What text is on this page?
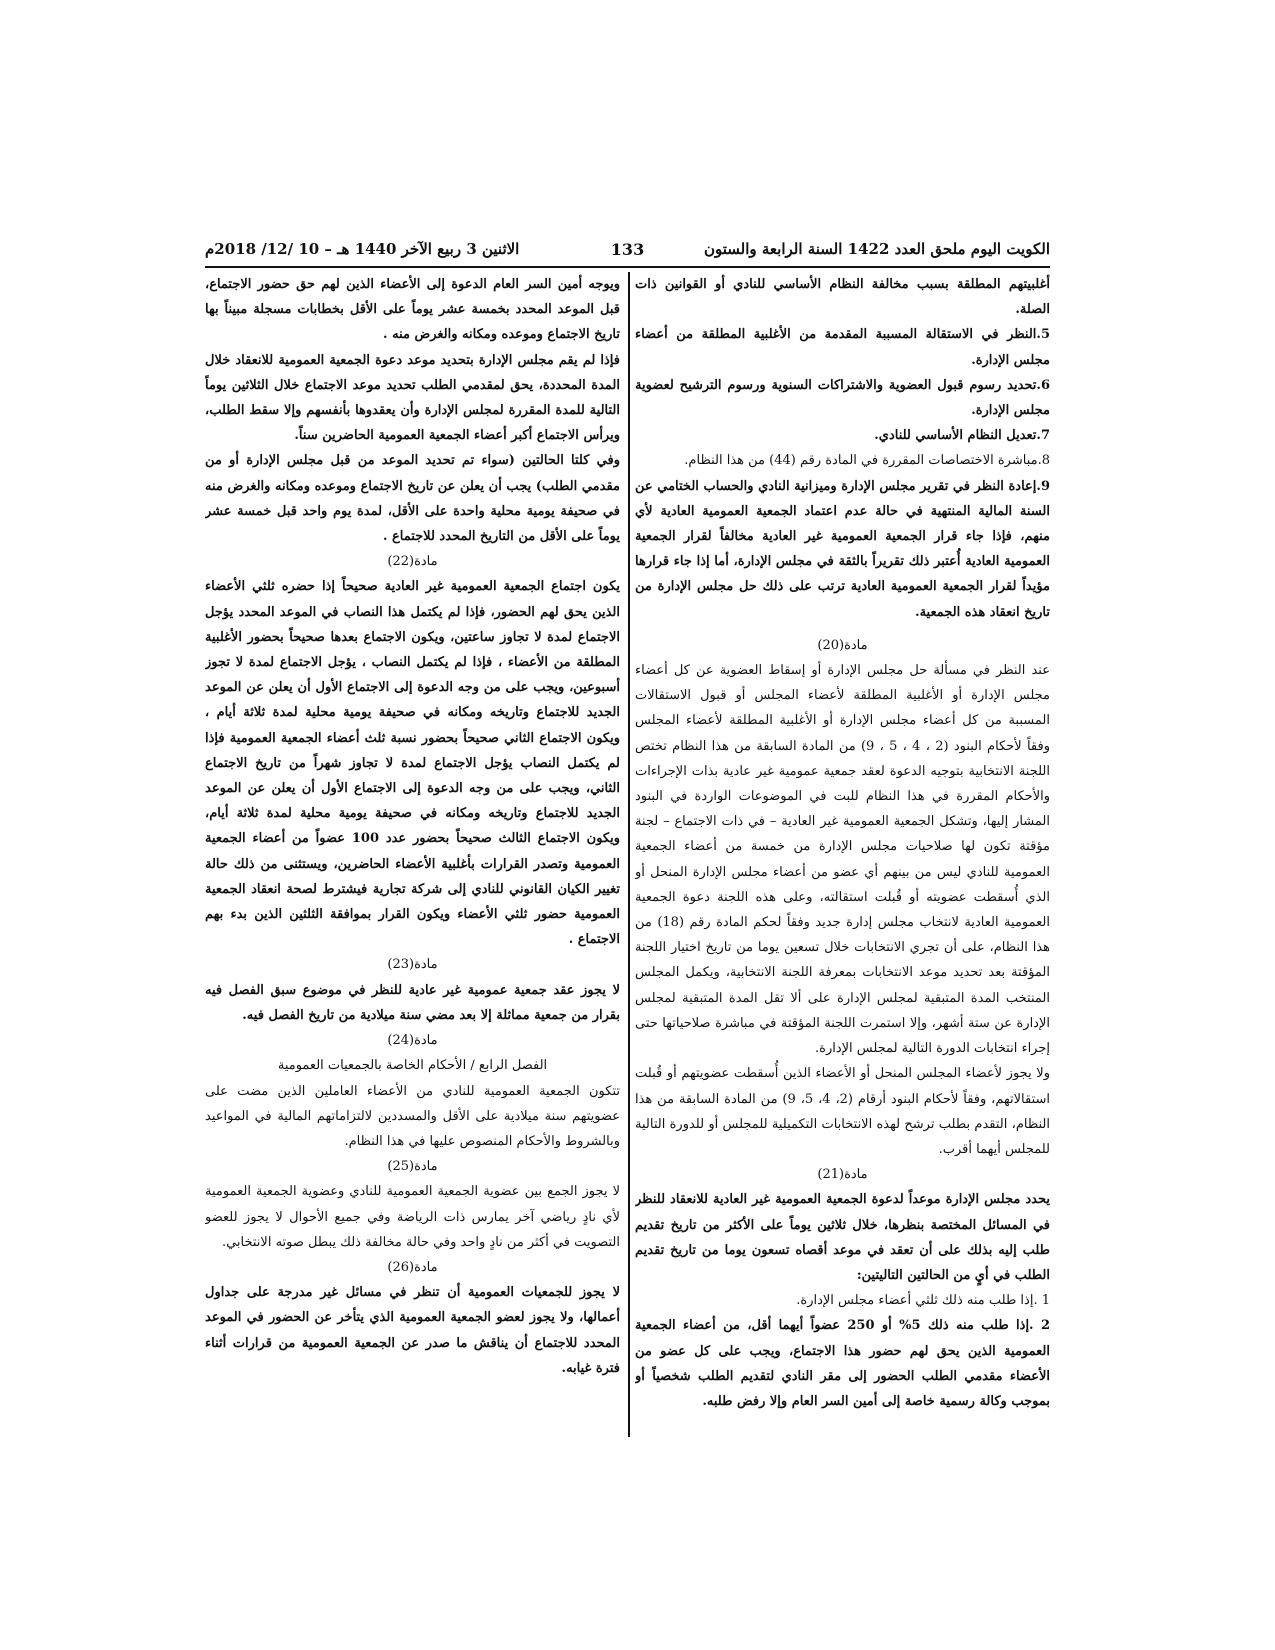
الكويت اليوم ملحق العدد 1422 السنة الرابعة والستون
133
الاثنين 3 ربيع الآخر 1440 هـ – 10 /12/ 2018م

أغلبيتهم المطلقة بسبب مخالفة النظام الأساسي للنادي أو القوانين ذات الصلة.

5.النظر في الاستقالة المسببة المقدمة من الأغلبية المطلقة من أعضاء مجلس الإدارة.

6.تحديد رسوم قبول العضوية والاشتراكات السنوية ورسوم الترشيح لعضوية مجلس الإدارة.

7.تعديل النظام الأساسي للنادي.

8.مباشرة الاختصاصات المقررة في المادة رقم (44) من هذا النظام.

9.إعادة النظر في تقرير مجلس الإدارة وميزانية النادي والحساب الختامي عن السنة المالية المنتهية في حالة عدم اعتماد الجمعية العمومية العادية لأي منهم، فإذا جاء قرار الجمعية العمومية غير العادية مخالفاً لقرار الجمعية العمومية العادية أُعتبر ذلك تقريراً بالثقة في مجلس الإدارة، أما إذا جاء قرارها مؤيداً لقرار الجمعية العمومية العادية ترتب على ذلك حل مجلس الإدارة من تاريخ انعقاد هذه الجمعية.

مادة(20)

عند النظر في مسألة حل مجلس الإدارة أو إسقاط العضوية عن كل أعضاء مجلس الإدارة أو الأغلبية المطلقة لأعضاء المجلس أو قبول الاستقالات المسببة من كل أعضاء مجلس الإدارة أو الأغلبية المطلقة لأعضاء المجلس وفقاً لأحكام البنود (2 ، 4 ، 5 ، 9) من المادة السابقة من هذا النظام تختص اللجنة الانتخابية بتوجيه الدعوة لعقد جمعية عمومية غير عادية بذات الإجراءات والأحكام المقررة في هذا النظام للبت في الموضوعات الواردة في البنود المشار إليها، وتشكل الجمعية العمومية غير العادية – في ذات الاجتماع – لجنة مؤقتة تكون لها صلاحيات مجلس الإدارة من خمسة من أعضاء الجمعية العمومية للنادي ليس من بينهم أي عضو من أعضاء مجلس الإدارة المنحل أو الذي أُسقطت عضويته أو قُبلت استقالته، وعلى هذه اللجنة دعوة الجمعية العمومية العادية لانتخاب مجلس إدارة جديد وفقاً لحكم المادة رقم (18) من هذا النظام، على أن تجري الانتخابات خلال تسعين يوما من تاريخ اختيار اللجنة المؤقتة بعد تحديد موعد الانتخابات بمعرفة اللجنة الانتخابية، ويكمل المجلس المنتخب المدة المتبقية لمجلس الإدارة على ألا تقل المدة المتبقية لمجلس الإدارة عن ستة أشهر، وإلا استمرت اللجنة المؤقتة في مباشرة صلاحياتها حتى إجراء انتخابات الدورة التالية لمجلس الإدارة.

ولا يجوز لأعضاء المجلس المنحل أو الأعضاء الذين أُسقطت عضويتهم أو قُبلت استقالاتهم، وفقاً لأحكام البنود أرقام (2، 4، 5، 9) من المادة السابقة من هذا النظام، التقدم بطلب ترشح لهذه الانتخابات التكميلية للمجلس أو للدورة التالية للمجلس أيهما أقرب.

مادة(21)

يحدد مجلس الإدارة موعداً لدعوة الجمعية العمومية غير العادية للانعقاد للنظر في المسائل المختصة بنظرها، خلال ثلاثين يوماً على الأكثر من تاريخ تقديم طلب إليه بذلك على أن تعقد في موعد أقصاه تسعون يوما من تاريخ تقديم الطلب في أيٍ من الحالتين التاليتين:

1 .إذا طلب منه ذلك ثلثي أعضاء مجلس الإدارة.

2 .إذا طلب منه ذلك 5% أو 250 عضواً أيهما أقل، من أعضاء الجمعية العمومية الذين يحق لهم حضور هذا الاجتماع، ويجب على كل عضو من الأعضاء مقدمي الطلب الحضور إلى مقر النادي لتقديم الطلب شخصياً أو بموجب وكالة رسمية خاصة إلى أمين السر العام وإلا رفض طلبه.

ويوجه أمين السر العام الدعوة إلى الأعضاء الذين لهم حق حضور الاجتماع، قبل الموعد المحدد بخمسة عشر يوماً على الأقل بخطابات مسجلة مبيناً بها تاريخ الاجتماع وموعده ومكانه والغرض منه .

فإذا لم يقم مجلس الإدارة بتحديد موعد دعوة الجمعية العمومية للانعقاد خلال المدة المحددة، يحق لمقدمي الطلب تحديد موعد الاجتماع خلال الثلاثين يوماً التالية للمدة المقررة لمجلس الإدارة وأن يعقدوها بأنفسهم وإلا سقط الطلب، ويرأس الاجتماع أكبر أعضاء الجمعية العمومية الحاضرين سناً.

وفي كلتا الحالتين (سواء تم تحديد الموعد من قبل مجلس الإدارة أو من مقدمي الطلب) يجب أن يعلن عن تاريخ الاجتماع وموعده ومكانه والغرض منه في صحيفة يومية محلية واحدة على الأقل، لمدة يوم واحد قبل خمسة عشر يوماً على الأقل من التاريخ المحدد للاجتماع .

مادة(22)

يكون اجتماع الجمعية العمومية غير العادية صحيحاً إذا حضره ثلثي الأعضاء الذين يحق لهم الحضور، فإذا لم يكتمل هذا النصاب في الموعد المحدد يؤجل الاجتماع لمدة لا تجاوز ساعتين، ويكون الاجتماع بعدها صحيحاً بحضور الأغلبية المطلقة من الأعضاء ، فإذا لم يكتمل النصاب ، يؤجل الاجتماع لمدة لا تجوز أسبوعين، ويجب على من وجه الدعوة إلى الاجتماع الأول أن يعلن عن الموعد الجديد للاجتماع وتاريخه ومكانه في صحيفة يومية محلية لمدة ثلاثة أيام ، ويكون الاجتماع الثاني صحيحاً بحضور نسبة ثلث أعضاء الجمعية العمومية فإذا لم يكتمل النصاب يؤجل الاجتماع لمدة لا تجاوز شهراً من تاريخ الاجتماع الثاني، ويجب على من وجه الدعوة إلى الاجتماع الأول أن يعلن عن الموعد الجديد للاجتماع وتاريخه ومكانه في صحيفة يومية محلية لمدة ثلاثة أيام، ويكون الاجتماع الثالث صحيحاً بحضور عدد 100 عضواً من أعضاء الجمعية العمومية وتصدر القرارات بأغلبية الأعضاء الحاضرين، ويستثنى من ذلك حالة تغيير الكيان القانوني للنادي إلى شركة تجارية فيشترط لصحة انعقاد الجمعية العمومية حضور ثلثي الأعضاء ويكون القرار بموافقة الثلثين الذين بدء بهم الاجتماع .

مادة(23)

لا يجوز عقد جمعية عمومية غير عادية للنظر في موضوع سبق الفصل فيه بقرار من جمعية مماثلة إلا بعد مضي سنة ميلادية من تاريخ الفصل فيه.

مادة(24)

الفصل الرابع / الأحكام الخاصة بالجمعيات العمومية

تتكون الجمعية العمومية للنادي من الأعضاء العاملين الذين مضت على عضويتهم سنة ميلادية على الأقل والمسددين لالتزاماتهم المالية في المواعيد وبالشروط والأحكام المنصوص عليها في هذا النظام.

مادة(25)

لا يجوز الجمع بين عضوية الجمعية العمومية للنادي وعضوية الجمعية العمومية لأي نادٍ رياضي آخر يمارس ذات الرياضة وفي جميع الأحوال لا يجوز للعضو التصويت في أكثر من نادٍ واحد وفي حالة مخالفة ذلك يبطل صوته الانتخابي.

مادة(26)

لا يجوز للجمعيات العمومية أن تنظر في مسائل غير مدرجة على جداول أعمالها، ولا يجوز لعضو الجمعية العمومية الذي يتأخر عن الحضور في الموعد المحدد للاجتماع أن يناقش ما صدر عن الجمعية العمومية من قرارات أثناء فترة غيابه.
